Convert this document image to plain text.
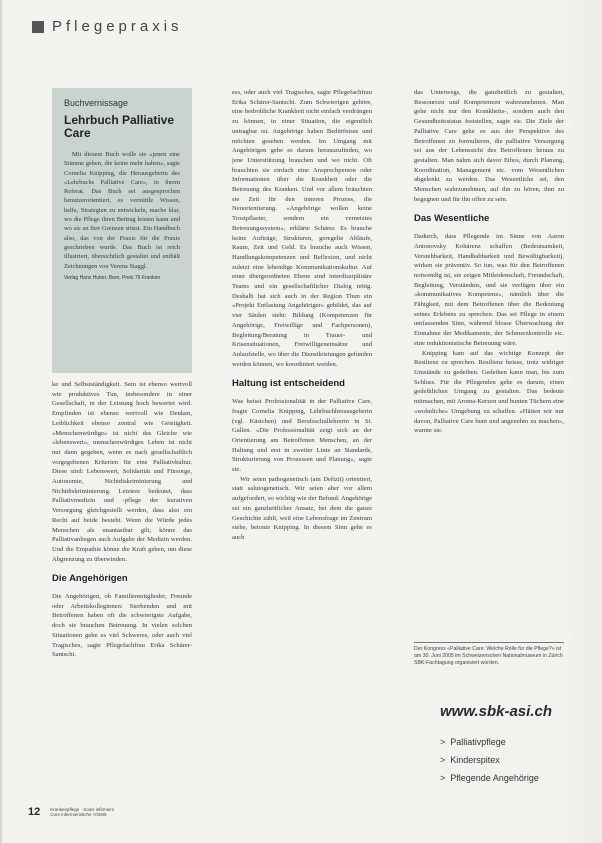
Pflegepraxis
Buchvernissage
Lehrbuch Palliative Care
Mit diesem Buch wolle sie «jenen eine Stimme geben, die keine mehr haben», sagte Cornelia Knipping, die Herausgeberin des «Lehrbuchs Palliative Care», in ihrem Referat. Das Buch sei ausgesprochen benutzerorientiert, es vermittle Wissen, helfe, Strategien zu entwickeln, mache klar, wo die Pflege ihren Beitrag leisten kann und wo sie an ihre Grenzen stösst. Ein Handbuch also, das von der Praxis für die Praxis geschrieben wurde. Das Buch ist reich illustriert, übersichtlich gestaltet und enthält Zeichnungen von Verena Staggl.
Verlag Hans Huber, Bern, Preis 79 Franken

ke und Selbstständigkeit. Sein ist ebenso wertvoll wie produktives Tun, insbesondere in einer Gesellschaft, in der Leistung hoch bewertet wird. Empfinden ist ebenso wertvoll wie Denken, Leiblichkeit ebenso zentral wie Geistigkeit. «Menschenwürdige» ist nicht das Gleiche wie «lebenswert», menschenwürdiges Leben ist nicht nur dann gegeben, wenn es nach gesellschaftlich vorgegebenen Kriterien für eine Palliativkultur. Diese sind: Lebenswert, Solidarität und Fürsorge, Autonomie, Nichtdiskriminierung und Nichtdiskriminierung. Letztere bedeutet, dass Palliativmedizin und -pflege der kurativen Versorgung gleichgestellt werden, dass also ein Recht auf beide besteht. Wenn die Würde jedes Menschen als unantastbar gilt, könne das Palliativanliegen auch Aufgabe der Medizin werden. Und die Empathie könne die Kraft geben, um diese Abgrenzung zu überwinden.

Die Angehörigen

Die Angehörigen, ob Familienmitglieder, Freunde oder Arbeitskolleginnen: Sterbenden und mit Betroffenen haben oft die schwierigste Aufgabe, doch sie brauchen Betreuung. In vielen solchen Situationen gehe es viel Schweres, oder auch viel Tragisches, sagte Pflegefachfrau Erika Schärer-Santschi.

ess, oder auch viel Tragisches, sagte Pflegefachfrau Erika Schärer-Santschi. Zum Schwierigen gehöre, eine bedrohliche Krankheit nicht einfach verdrängen zu können, in einer Situation, die eigentlich untragbar ist. Angehörige haben Bedürfnisse und möchten gesehen werden. Im Umgang mit Angehörigen gehe es darum herauszufinden, wo jene Unterstützung brauchen und wo nicht. Oft brauchten sie einfach eine Ansprechperson oder Informationen über die Krankheit oder die Betreuung des Kranken. Und vor allem bräuchten sie Zeit für den inneren Prozess, die Neuorientierung. «Angehörige wollen keine Trostpflaster, sondern ein vernetztes Betreuungssystem», erklärte Schärer. Es brauche keine Aufträge, Strukturen, geregelte Abläufe, Raum, Zeit und Geld. Es brauche auch Wissen, Handlungskompetenzen und Reflexion, und nicht zuletzt eine lebendige Kommunikationskultur. Auf einer übergeordneten Ebene sind interdisziplinäre Teams und ein gesellschaftlicher Dialog nötig. Deshalb hat sich auch in der Region Thun ein «Projekt Entlastung Angehöriger» gebildet, das auf vier Säulen steht: Bildung (Kompetenzen für Angehörige, Freiwillige und Fachpersonen), Begleitung/Beratung in Trauer- und Krisensituationen, Freiwilligeneinsätze und Anlaufstelle, wo über die Dienstleistungen gefunden werden können, wo koordiniert werden.

Haltung ist entscheidend

Was heisst Professionalität in der Palliative Care, fragte Cornelia Knipping, Lehrbuchherausgeberin (vgl. Kästchen) und Berufsschullehrerin in St. Gallen. «Die Professionalität zeigt sich an der Orientierung am Betroffenen Menschen, an der Haltung und erst in zweiter Linie an Standards, Strukturierung von Prozessen und Planung», sagte sie.

Wir seien pathogenetisch (am Defizit) orientiert, statt salutogenetisch. Wir seien aber vor allem aufgefordert, so wichtig wie der Befund. Angehörige sei ein ganzheitlicher Ansatz, bei dem die ganze Geschichte zählt, weil eine Lebensfrage im Zentrum stehe, betonte Knipping. In diesem Sinn gehe es auch

das Unterwegs, die ganzheitlich zu gestalten, Ressourcen und Kompetenzen wahrzunehmen. Man gehe nicht nur den Krankheits-, sondern auch den Gesundheitsstatus feststellen, sagte sie. Die Ziele der Palliative Care gehe es aus der Perspektive des Betroffenen zu formulieren, die palliative Versorgung sei aus der Lebenssicht des Betroffenen heraus zu gestalten. Man nahm sich davor Ethos, durch Planung, Koordination, Management etc. vom Wesentlichen abgelenkt zu werden. Das Wesentliche sei, den Menschen wahrzunehmen, auf ihn zu hören, ihm zu begegnen und für ihn offen zu sein.

Das Wesentliche

Dadurch, dass Pflegende im Sinne von Aaron Antonovsky Kohärenz schaffen (Bedeutsamkeit, Verstehbarkeit, Handhabbarkeit und Bewältigbarkeit), wirken sie präventiv. So tun, was für den Betroffenen notwendig ist, sie zeigen Mitleidenschaft, Freundschaft, Begleitung, Verständnis, und sie verfügen über ein «kommunikatives Kompetenz», nämlich über die Fähigkeit, mit dem Betroffenen über die Bedeutung seines Erlebens zu sprechen. Das sei Pflege in einem umfassenden Sinn, während blosse Überwachung der Einnahme der Medikamente, der Schmerzkontrolle etc. eine reduktionistische Betreuung wäre.

Knipping kam auf das wichtige Konzept der Resilienz zu sprechen. Resilienz heisse, trotz widriger Umstände zu gedeihen. Gedeihen kann man, bis zum Schluss. Für die Pflegenden gehe es darum, einen gedeihlichen Umgang zu gestalten. Das bedeute mitmachen, mit Aroma-Kerzen und bunten Tüchern eine «wohnliche» Umgebung zu schaffen. «Hätten wir nur davon, Palliative Care bunt und angenehm zu machen», warnte sie.

Der Kongress «Palliative Care: Welche Rolle für die Pflege?» ist am 30. Juni 2005 im Schweizerischen Nationalmuseum in Zürich SBK-Fachtagung organisiert worden.
www.sbk-asi.ch
> Palliativpflege
> Kinderspitex
> Pflegende Angehörige
12 Krankenpflege · Soins infirmiers
Cure infermieristiche 7/2005
